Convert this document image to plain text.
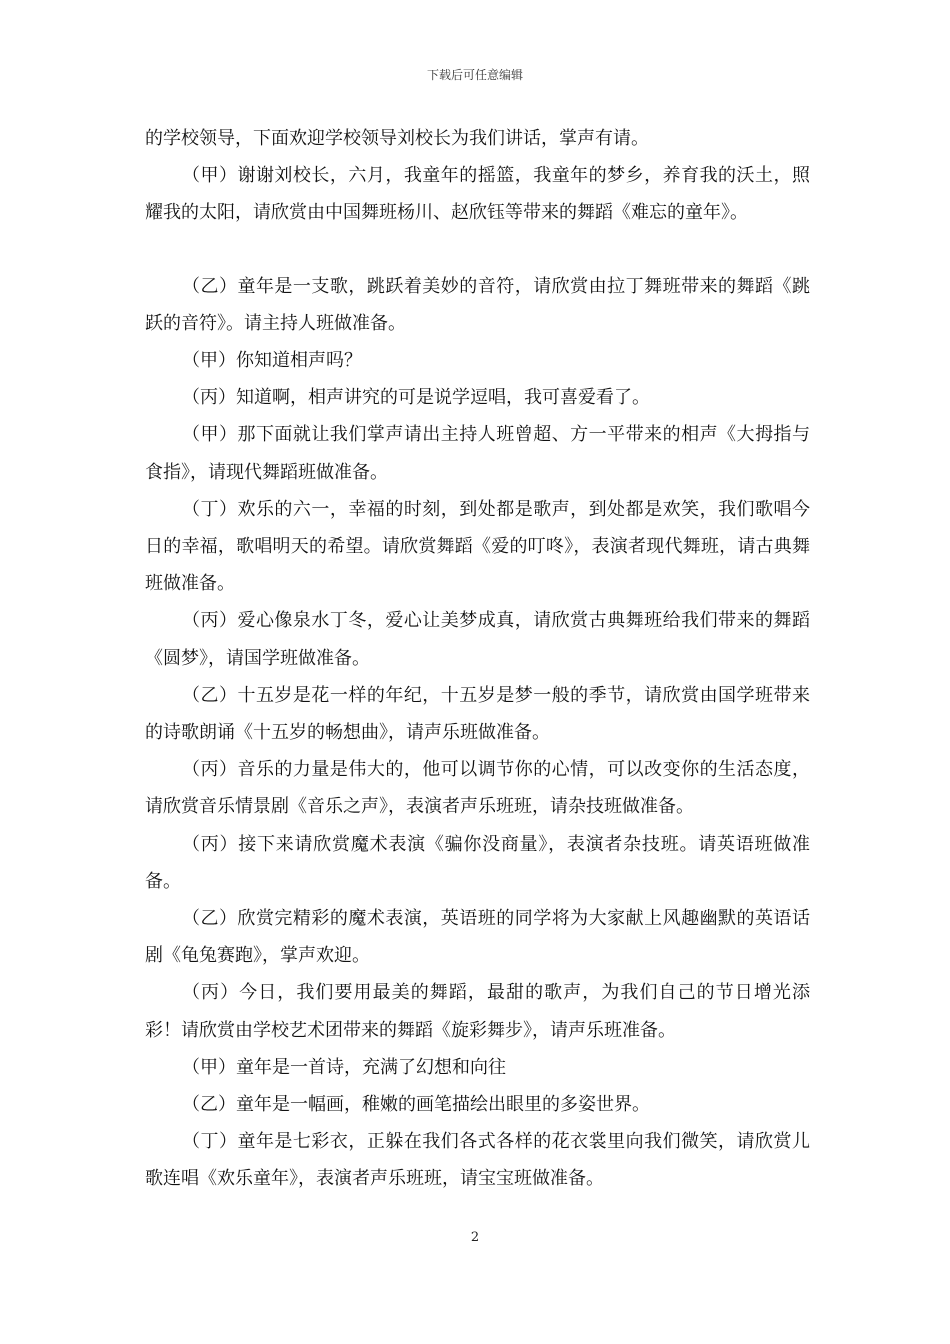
下载后可任意编辑

的学校领导，下面欢迎学校领导刘校长为我们讲话，掌声有请。

（甲）谢谢刘校长，六月，我童年的摇篮，我童年的梦乡，养育我的沃土，照耀我的太阳，请欣赏由中国舞班杨川、赵欣钰等带来的舞蹈《难忘的童年》。

（乙）童年是一支歌，跳跃着美妙的音符，请欣赏由拉丁舞班带来的舞蹈《跳跃的音符》。请主持人班做准备。

（甲）你知道相声吗？

（丙）知道啊，相声讲究的可是说学逗唱，我可喜爱看了。

（甲）那下面就让我们掌声请出主持人班曾超、方一平带来的相声《大拇指与食指》，请现代舞蹈班做准备。

（丁）欢乐的六一，幸福的时刻，到处都是歌声，到处都是欢笑，我们歌唱今日的幸福，歌唱明天的希望。请欣赏舞蹈《爱的叮咚》，表演者现代舞班，请古典舞班做准备。

（丙）爱心像泉水丁冬，爱心让美梦成真，请欣赏古典舞班给我们带来的舞蹈《圆梦》，请国学班做准备。

（乙）十五岁是花一样的年纪，十五岁是梦一般的季节，请欣赏由国学班带来的诗歌朗诵《十五岁的畅想曲》，请声乐班做准备。

（丙）音乐的力量是伟大的，他可以调节你的心情，可以改变你的生活态度，请欣赏音乐情景剧《音乐之声》，表演者声乐班班，请杂技班做准备。

（丙）接下来请欣赏魔术表演《骗你没商量》，表演者杂技班。请英语班做准备。

（乙）欣赏完精彩的魔术表演，英语班的同学将为大家献上风趣幽默的英语话剧《龟兔赛跑》，掌声欢迎。

（丙）今日，我们要用最美的舞蹈，最甜的歌声，为我们自己的节日增光添彩！请欣赏由学校艺术团带来的舞蹈《旋彩舞步》，请声乐班准备。

（甲）童年是一首诗，充满了幻想和向往

（乙）童年是一幅画，稚嫩的画笔描绘出眼里的多姿世界。

（丁）童年是七彩衣，正躲在我们各式各样的花衣裳里向我们微笑，请欣赏儿歌连唱《欢乐童年》，表演者声乐班班，请宝宝班做准备。

2
